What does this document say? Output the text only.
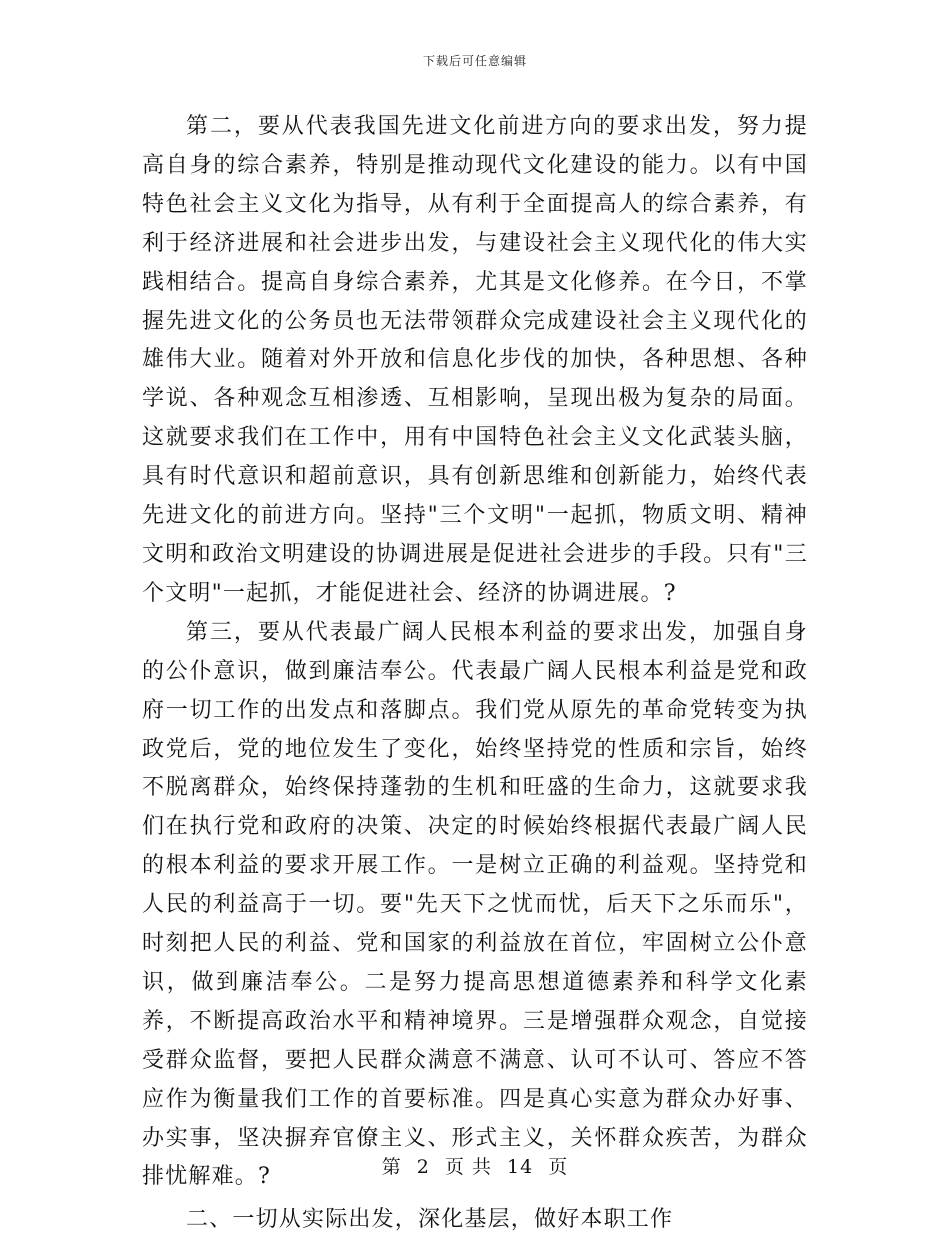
下载后可任意编辑

第二，要从代表我国先进文化前进方向的要求出发，努力提高自身的综合素养，特别是推动现代文化建设的能力。以有中国特色社会主义文化为指导，从有利于全面提高人的综合素养，有利于经济进展和社会进步出发，与建设社会主义现代化的伟大实践相结合。提高自身综合素养，尤其是文化修养。在今日，不掌握先进文化的公务员也无法带领群众完成建设社会主义现代化的雄伟大业。随着对外开放和信息化步伐的加快，各种思想、各种学说、各种观念互相渗透、互相影响，呈现出极为复杂的局面。这就要求我们在工作中，用有中国特色社会主义文化武装头脑，具有时代意识和超前意识，具有创新思维和创新能力，始终代表先进文化的前进方向。坚持"三个文明"一起抓，物质文明、精神文明和政治文明建设的协调进展是促进社会进步的手段。只有"三个文明"一起抓，才能促进社会、经济的协调进展。?

第三，要从代表最广阔人民根本利益的要求出发，加强自身的公仆意识，做到廉洁奉公。代表最广阔人民根本利益是党和政府一切工作的出发点和落脚点。我们党从原先的革命党转变为执政党后，党的地位发生了变化，始终坚持党的性质和宗旨，始终不脱离群众，始终保持蓬勃的生机和旺盛的生命力，这就要求我们在执行党和政府的决策、决定的时候始终根据代表最广阔人民的根本利益的要求开展工作。一是树立正确的利益观。坚持党和人民的利益高于一切。要"先天下之忧而忧，后天下之乐而乐"，时刻把人民的利益、党和国家的利益放在首位，牢固树立公仆意识，做到廉洁奉公。二是努力提高思想道德素养和科学文化素养，不断提高政治水平和精神境界。三是增强群众观念，自觉接受群众监督，要把人民群众满意不满意、认可不认可、答应不答应作为衡量我们工作的首要标准。四是真心实意为群众办好事、办实事，坚决摒弃官僚主义、形式主义，关怀群众疾苦，为群众排忧解难。?

二、一切从实际出发，深化基层，做好本职工作

第 2 页 共 14 页
